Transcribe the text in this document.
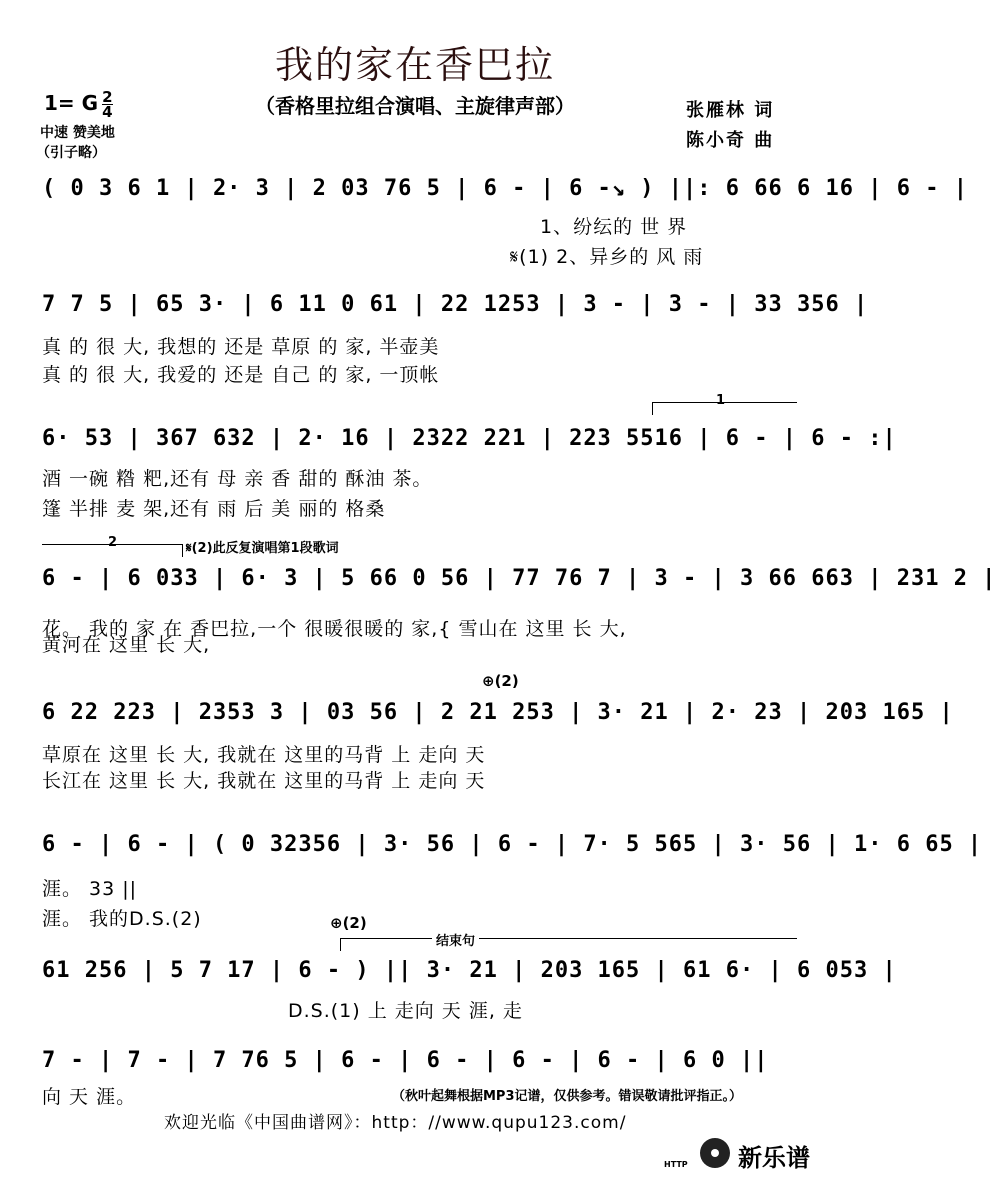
我的家在香巴拉
（香格里拉组合演唱、主旋律声部）	张雁林 词
陈小奇 曲
1= G $\frac{2}{4}$
中速 赞美地
（引子略）
( 0 3 6 1 | 2· 3 | 2 03 76 5 | 6 - | 6 -↘ ) ||: 6 66 6 16 | 6 - |
1、纷纭的 世 界
𝄋(1) 2、异乡的 风 雨
7 7 5 | 65 3· | 6 11 0 61 | 22 1253 | 3 - | 3 - | 33 356 |
真 的 很 大, 我想的 还是 草原 的 家, 半壶美
真 的 很 大, 我爱的 还是 自己 的 家, 一顶帐
1
6· 53 | 367 632 | 2· 16 | 2322 221 | 223 5516 | 6 - | 6 - :|
酒 一碗 糌 粑,还有 母 亲 香 甜的 酥油 茶。
篷 半排 麦 架,还有 雨 后 美 丽的 格桑
2	𝄋(2)此反复演唱第1段歌词
6 - | 6 033 | 6· 3 | 5 66 0 56 | 77 76 7 | 3 - | 3 66 663 | 231 2 |
花。 我的 家 在 香巴拉,一个 很暖很暖的 家,{ 雪山在 这里 长 大,
黄河在 这里 长 大,
⊕(2)
6 22 223 | 2353 3 | 03 56 | 2 21 253 | 3· 21 | 2· 23 | 203 165 |
草原在 这里 长 大, 我就在 这里的马背 上 走向 天
长江在 这里 长 大, 我就在 这里的马背 上 走向 天
6 - | 6 - | ( 0 32356 | 3· 56 | 6 - | 7· 5 565 | 3· 56 | 1· 6 65 |
涯。 33 ||
涯。 我的D.S.(2)	⊕(2)
结束句
61 256 | 5 7 17 | 6 - ) || 3· 21 | 203 165 | 61 6· | 6 053 |
D.S.(1) 上 走向 天 涯, 走
7 - | 7 - | 7 76 5 | 6 - | 6 - | 6 - | 6 - | 6 0 ||
向 天 涯。	（秋叶起舞根据MP3记谱，仅供参考。错误敬请批评指正。）
欢迎光临《中国曲谱网》：http：//www.qupu123.com/
HTTP 新乐谱
